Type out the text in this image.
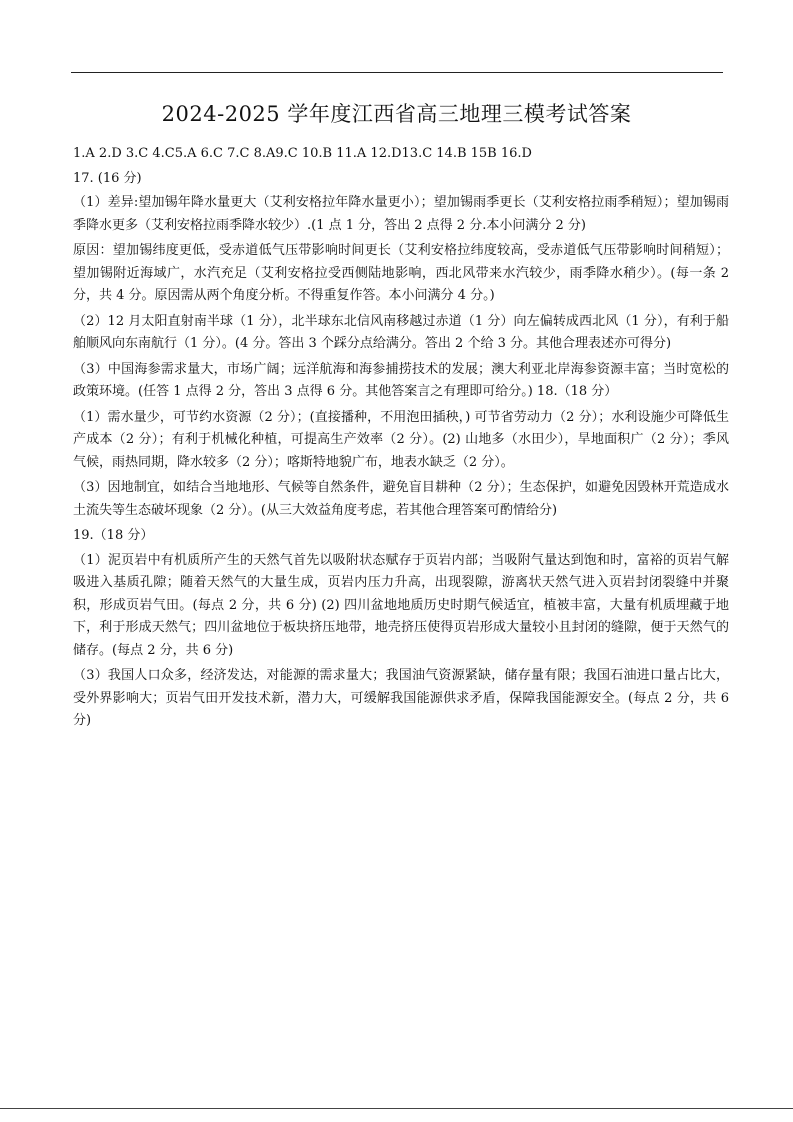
2024-2025 学年度江西省高三地理三模考试答案

1.A 2.D 3.C 4.C5.A 6.C 7.C 8.A9.C 10.B 11.A 12.D13.C 14.B 15B 16.D

17. (16 分)

（1）差异:望加锡年降水量更大（艾利安格拉年降水量更小）；望加锡雨季更长（艾利安格拉雨季稍短）；望加锡雨季降水更多（艾利安格拉雨季降水较少）.(1 点 1 分，答出 2 点得 2 分.本小问满分 2 分)

原因：望加锡纬度更低，受赤道低气压带影响时间更长（艾利安格拉纬度较高，受赤道低气压带影响时间稍短）；望加锡附近海域广，水汽充足（艾利安格拉受西侧陆地影响，西北风带来水汽较少，雨季降水稍少）。(每一条 2 分，共 4 分。原因需从两个角度分析。不得重复作答。本小问满分 4 分。)

（2）12 月太阳直射南半球（1 分），北半球东北信风南移越过赤道（1 分）向左偏转成西北风（1 分），有利于船舶顺风向东南航行（1 分）。(4 分。答出 3 个踩分点给满分。答出 2 个给 3 分。其他合理表述亦可得分)

（3）中国海参需求量大，市场广阔；远洋航海和海参捕捞技术的发展；澳大利亚北岸海参资源丰富；当时宽松的政策环境。(任答 1 点得 2 分，答出 3 点得 6 分。其他答案言之有理即可给分。) 18.（18 分）

（1）需水量少，可节约水资源（2 分）；(直接播种，不用泡田插秧，) 可节省劳动力（2 分）；水利设施少可降低生产成本（2 分）；有利于机械化种植，可提高生产效率（2 分）。(2) 山地多（水田少），旱地面积广（2 分）；季风气候，雨热同期，降水较多（2 分）；喀斯特地貌广布，地表水缺乏（2 分）。

（3）因地制宜，如结合当地地形、气候等自然条件，避免盲目耕种（2 分）；生态保护，如避免因毁林开荒造成水土流失等生态破坏现象（2 分）。(从三大效益角度考虑，若其他合理答案可酌情给分)

19.（18 分）

（1）泥页岩中有机质所产生的天然气首先以吸附状态赋存于页岩内部；当吸附气量达到饱和时，富裕的页岩气解吸进入基质孔隙；随着天然气的大量生成，页岩内压力升高，出现裂隙，游离状天然气进入页岩封闭裂缝中并聚积，形成页岩气田。(每点 2 分，共 6 分) (2) 四川盆地地质历史时期气候适宜，植被丰富，大量有机质埋藏于地下，利于形成天然气；四川盆地位于板块挤压地带，地壳挤压使得页岩形成大量较小且封闭的缝隙，便于天然气的储存。(每点 2 分，共 6 分)

（3）我国人口众多，经济发达，对能源的需求量大；我国油气资源紧缺，储存量有限；我国石油进口量占比大，受外界影响大；页岩气田开发技术新，潜力大，可缓解我国能源供求矛盾，保障我国能源安全。(每点 2 分，共 6 分)
